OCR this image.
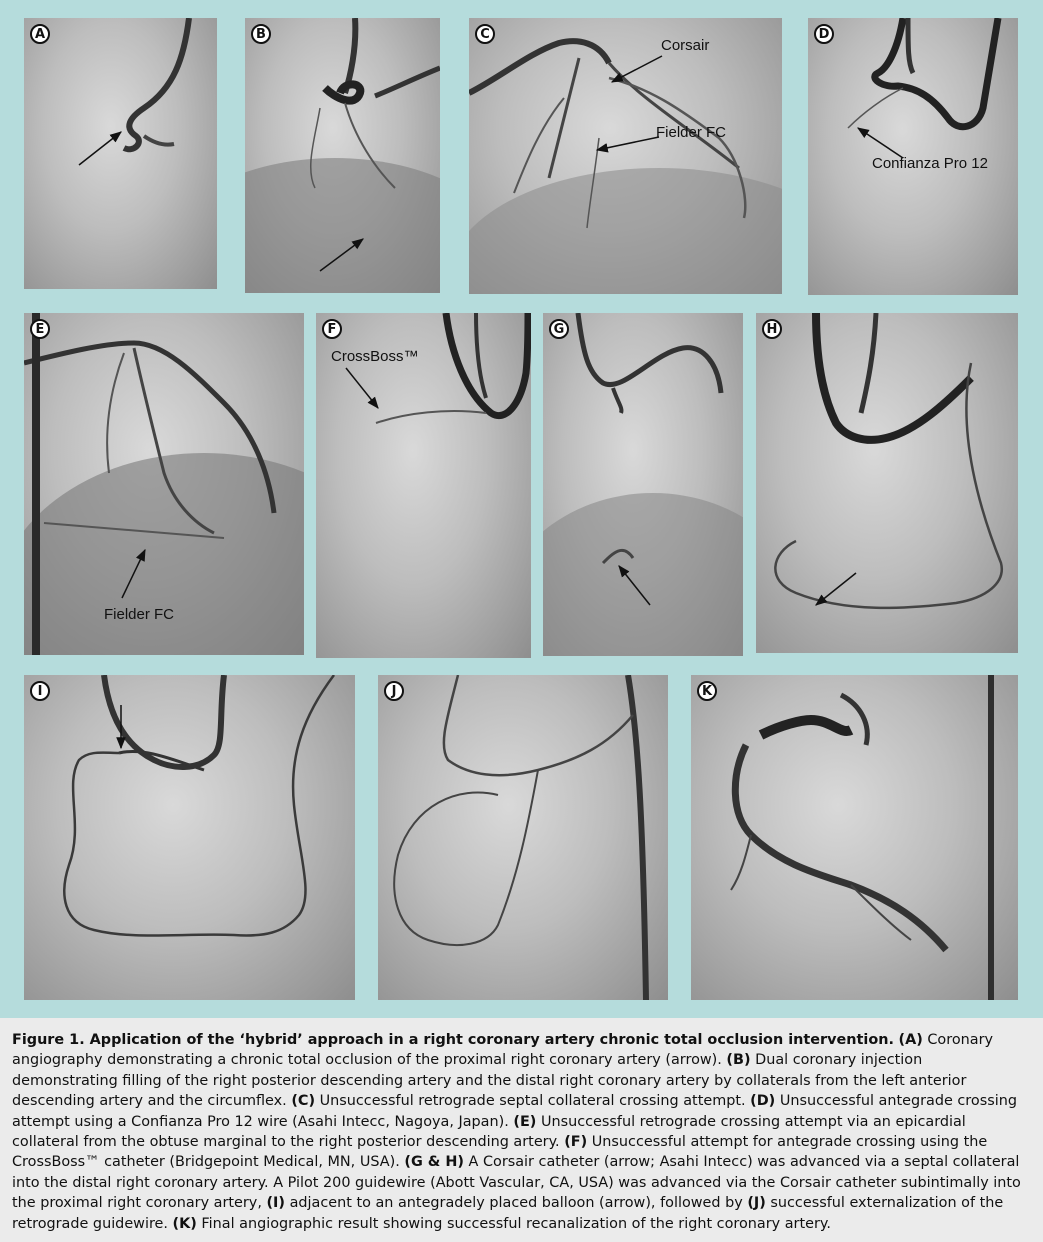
A	B	C
Corsair
Fielder FC
D
Confianza Pro 12
E
Fielder FC
F
CrossBoss™
G	H
I	J	K
Figure 1. Application of the ‘hybrid’ approach in a right coronary artery chronic total occlusion intervention. (A) Coronary angiography demonstrating a chronic total occlusion of the proximal right coronary artery (arrow). (B) Dual coronary injection demonstrating filling of the right posterior descending artery and the distal right coronary artery by collaterals from the left anterior descending artery and the circumflex. (C) Unsuccessful retrograde septal collateral crossing attempt. (D) Unsuccessful antegrade crossing attempt using a Confianza Pro 12 wire (Asahi Intecc, Nagoya, Japan). (E) Unsuccessful retrograde crossing attempt via an epicardial collateral from the obtuse marginal to the right posterior descending artery. (F) Unsuccessful attempt for antegrade crossing using the CrossBoss™ catheter (Bridgepoint Medical, MN, USA). (G & H) A Corsair catheter (arrow; Asahi Intecc) was advanced via a septal collateral into the distal right coronary artery. A Pilot 200 guidewire (Abott Vascular, CA, USA) was advanced via the Corsair catheter subintimally into the proximal right coronary artery, (I) adjacent to an antegradely placed balloon (arrow), followed by (J) successful externalization of the retrograde guidewire. (K) Final angiographic result showing successful recanalization of the right coronary artery.
